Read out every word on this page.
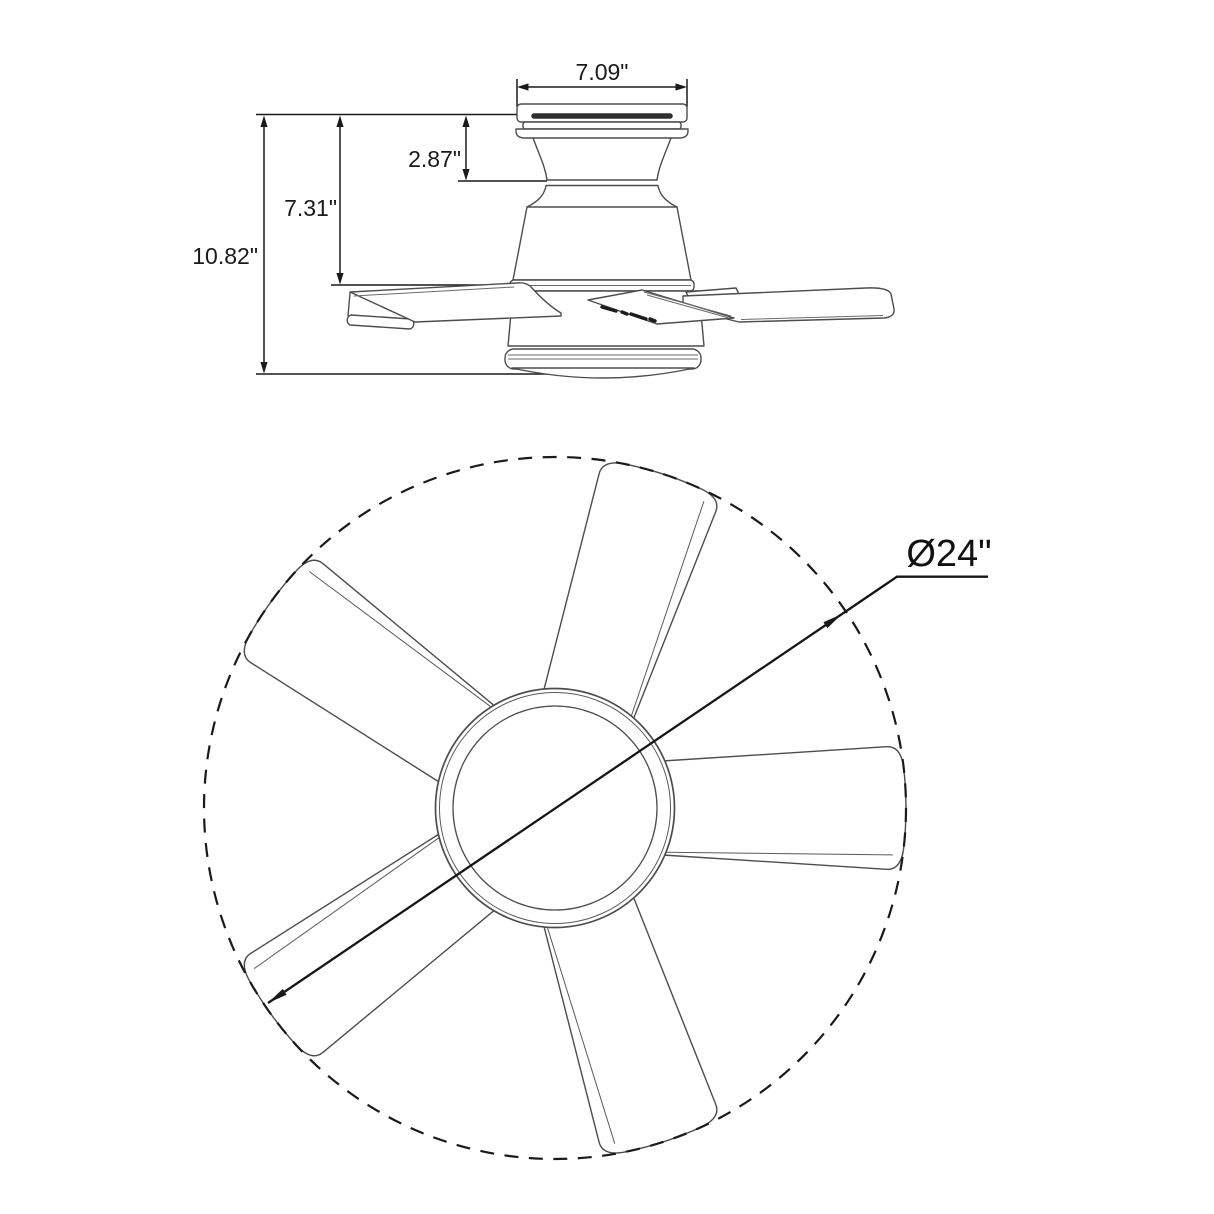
7.09"
2.87"
7.31"
10.82"
Ø24"
